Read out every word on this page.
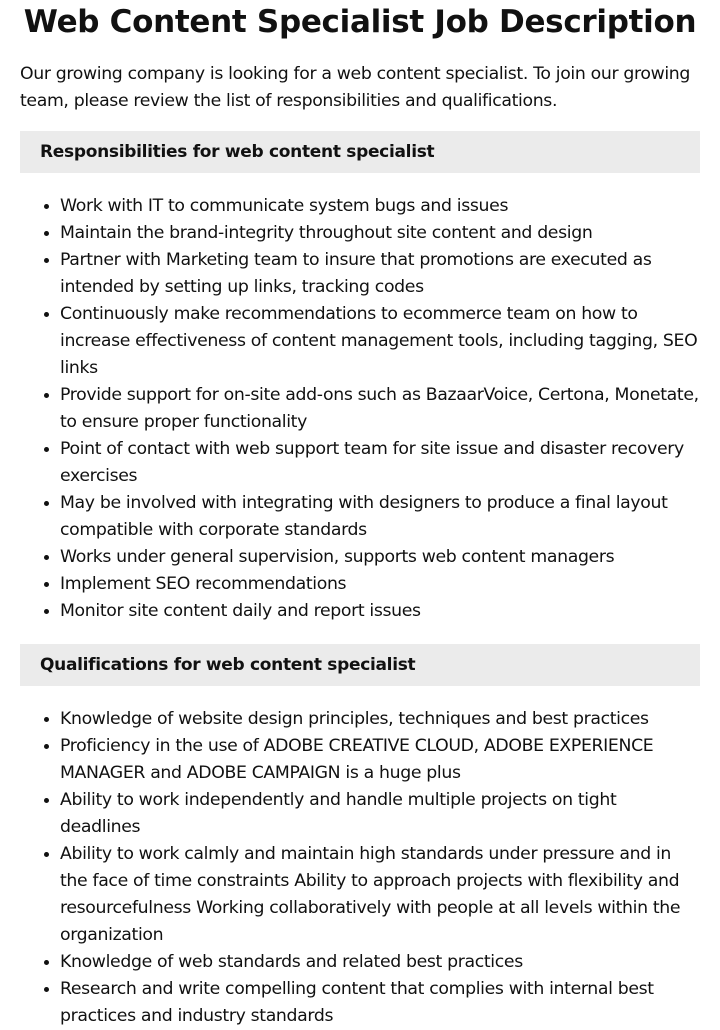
Web Content Specialist Job Description

Our growing company is looking for a web content specialist. To join our growing team, please review the list of responsibilities and qualifications.

Responsibilities for web content specialist
• Work with IT to communicate system bugs and issues
• Maintain the brand-integrity throughout site content and design
• Partner with Marketing team to insure that promotions are executed as intended by setting up links, tracking codes
• Continuously make recommendations to ecommerce team on how to increase effectiveness of content management tools, including tagging, SEO links
• Provide support for on-site add-ons such as BazaarVoice, Certona, Monetate, to ensure proper functionality
• Point of contact with web support team for site issue and disaster recovery exercises
• May be involved with integrating with designers to produce a final layout compatible with corporate standards
• Works under general supervision, supports web content managers
• Implement SEO recommendations
• Monitor site content daily and report issues
Qualifications for web content specialist
• Knowledge of website design principles, techniques and best practices
• Proficiency in the use of ADOBE CREATIVE CLOUD, ADOBE EXPERIENCE MANAGER and ADOBE CAMPAIGN is a huge plus
• Ability to work independently and handle multiple projects on tight deadlines
• Ability to work calmly and maintain high standards under pressure and in the face of time constraints Ability to approach projects with flexibility and resourcefulness Working collaboratively with people at all levels within the organization
• Knowledge of web standards and related best practices
• Research and write compelling content that complies with internal best practices and industry standards
